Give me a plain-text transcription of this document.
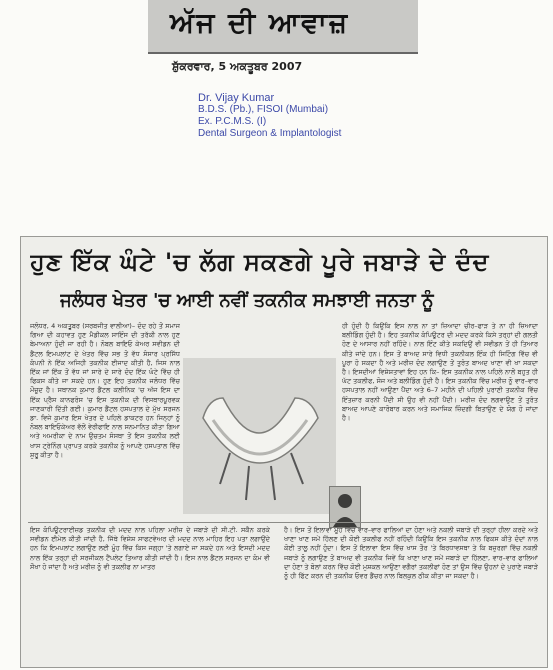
ਅੱਜ ਦੀ ਆਵਾਜ਼
ਸ਼ੁੱਕਰਵਾਰ, 5 ਅਕਤੂਬਰ 2007
Dr. Vijay Kumar
B.D.S. (Pb.), FISOI (Mumbai)
Ex. P.C.M.S. (I)
Dental Surgeon & Implantologist
ਹੁਣ ਇੱਕ ਘੰਟੇ 'ਚ ਲੱਗ ਸਕਣਗੇ ਪੂਰੇ ਜਬਾੜੇ ਦੇ ਦੰਦ
ਜਲੰਧਰ ਖੇਤਰ 'ਚ ਆਈ ਨਵੀਂ ਤਕਨੀਕ ਸਮਝਾਈ ਜਨਤਾ ਨੂੰ

ਜਲੰਧਰ, 4 ਅਕਤੂਬਰ (ਸਰਬਜੀਤ ਵਾਲੀਆ)– ਦੰਦ ਰਹੇ ਤੋਂ ਸਮਾਜ ਗਿਆ ਦੀ ਕਹਾਵਤ ਹੁਣ ਮੈਡੀਕਲ ਸਾਇੰਸ ਦੀ ਤਰੱਕੀ ਨਾਲ ਹੁਣ ਬੇਮਾਅਨਾ ਹੁੰਦੀ ਜਾ ਰਹੀ ਹੈ। ਨੋਬਲ ਬਾਇਓ ਕੇਅਰ ਸਵੀਡਨ ਦੀ ਡੈਂਟਲ ਇਮਪਲਾਂਟ ਦੇ ਖੇਤਰ ਵਿੱਚ ਸਭ ਤੋਂ ਵੱਧ ਸੰਸਾਰ ਪ੍ਰਸਿੱਧ ਕੰਪਨੀ ਨੇ ਇੱਕ ਅਜਿਹੀ ਤਕਨੀਕ ਈਜਾਦ ਕੀਤੀ ਹੈ, ਜਿਸ ਨਾਲ ਇੱਕ ਜਾਂ ਇੱਕ ਤੋਂ ਵੱਧ ਜਾਂ ਸਾਰੇ ਦੇ ਸਾਰੇ ਦੰਦ ਇੱਕ ਘੰਟੇ ਵਿੱਚ ਹੀ ਫਿਕਸ ਕੀਤੇ ਜਾ ਸਕਦੇ ਹਨ। ਹੁਣ ਇਹ ਤਕਨੀਕ ਜਲੰਧਰ ਵਿੱਚ ਮੌਜੂਦ ਹੈ। ਸਥਾਨਕ ਕੁਮਾਰ ਡੈਂਟਲ ਕਲੀਨਿਕ 'ਚ ਅੱਜ ਇਸ ਦਾ ਇੱਕ ਪ੍ਰੈਸ ਕਾਨਫਰੰਸ 'ਚ ਇਸ ਤਕਨੀਕ ਦੀ ਵਿਸਥਾਰਪੂਰਵਕ ਜਾਣਕਾਰੀ ਦਿੱਤੀ ਗਈ। ਕੁਮਾਰ ਡੈਂਟਲ ਹਸਪਤਾਲ ਦੇ ਮੁੱਖ ਸਰਜਨ ਡਾ. ਵਿਜੇ ਕੁਮਾਰ ਇਸ ਖੇਤਰ ਦੇ ਪਹਿਲੇ ਡਾਕਟਰ ਹਨ ਜਿਨ੍ਹਾਂ ਨੂੰ ਨੋਬਲ ਬਾਇਓਕੇਅਰ ਵੱਲੋਂ ਵੇਰੀਫਾਇ ਨਾਲ ਸਨਮਾਨਿਤ ਕੀਤਾ ਗਿਆ ਅਤੇ ਅਮਰੀਕਾ ਦੇ ਨਾਮ ਉਚਤਮ ਸੰਸਥਾ ਤੋਂ ਇਸ ਤਕਨੀਕ ਲਈ ਖਾਸ ਟ੍ਰੇਨਿੰਗ ਪ੍ਰਾਪਤ ਕਰਕੇ ਤਕਨੀਕ ਨੂੰ ਆਪਣੇ ਹਸਪਤਾਲ ਵਿੱਚ ਸ਼ੁਰੂ ਕੀਤਾ ਹੈ।

ਹੀ ਹੁੰਦੀ ਹੈ ਕਿਉਂਕਿ ਇਸ ਨਾਲ ਨਾ ਤਾਂ ਜ਼ਿਆਦਾ ਚੀਰ–ਫਾੜ ਤੇ ਨਾ ਹੀ ਜ਼ਿਆਦਾ ਬਲੀਡਿੰਗ ਹੁੰਦੀ ਹੈ। ਇਹ ਤਕਨੀਕ ਕੰਪਿਊਟਰ ਦੀ ਮਦਦ ਕਰਕੇ ਕਿਸੇ ਤਰ੍ਹਾਂ ਦੀ ਗਲਤੀ ਹੋਣ ਦੇ ਆਸਾਰ ਨਹੀਂ ਰਹਿੰਦੇ। ਨਾਲ ਇੰਟ ਕੀਤੇ ਸਕਦਿਉਂ ਵੀ ਸਵੀਡਨ ਤੋਂ ਹੀ ਤਿਆਰ ਕੀਤੇ ਜਾਂਦੇ ਹਨ। ਇਸ ਤੋਂ ਬਾਅਦ ਸਾਰੇ ਵਿਧੀ ਤਕਨੀਕਲ ਇੰਕ ਹੀ ਸਿਟਿੰਗ ਵਿੱਚ ਵੀ ਪੂਰਾ ਹੋ ਸਕਦਾ ਹੈ ਅਤੇ ਮਰੀਜ਼ ਦੰਦ ਲਗਾਉਣ ਤੋਂ ਤੁਰੰਤ ਬਾਅਦ ਖਾਣਾ ਵੀ ਖਾ ਸਕਦਾ ਹੈ। ਇਸਦੀਆਂ ਵਿਸ਼ੇਸ਼ਤਾਵਾਂ ਇਹ ਹਨ ਕਿ– ਇਸ ਤਕਨੀਕ ਨਾਲ ਪਹਿਲੇ ਨਾਲੋਂ ਬਹੁਤ ਹੀ ਘੱਟ ਤਕਲੀਫ, ਸੋਜ ਅਤੇ ਬਲੀਡਿੰਗ ਹੁੰਦੀ ਹੈ। ਇਸ ਤਕਨੀਕ ਵਿੱਚ ਮਰੀਜ਼ ਨੂੰ ਵਾਰ–ਵਾਰ ਹਸਪਤਾਲ ਨਹੀਂ ਆਉਣਾ ਪੈਂਦਾ ਅਤੇ 6–7 ਮਹੀਨੇ ਦੀ ਪਹਿਲੀ ਪੁਰਾਣੀ ਤਕਨੀਕ ਵਿੱਚ ਇੰਤਜ਼ਾਰ ਕਰਨੀ ਪੈਂਦੀ ਸੀ ਉਹ ਵੀ ਨਹੀਂ ਪੈਂਦੀ। ਮਰੀਜ਼ ਦੰਦ ਲਗਵਾਉਣ ਤੋਂ ਤੁਰੰਤ ਬਾਅਦ ਆਪਣੇ ਕਾਰੋਬਾਰ ਕਰਨ ਅਤੇ ਸਮਾਜਿਕ ਜ਼ਿੰਦਗੀ ਬਿਤਾਉਣ ਦੇ ਯੋਗ ਹੋ ਜਾਂਦਾ ਹੈ।

ਇਸ ਕੰਪਿਊਟਰਾਈਜ਼ਡ ਤਕਨੀਕ ਦੀ ਮਦਦ ਨਾਲ ਪਹਿਲਾ ਮਰੀਜ਼ ਦੇ ਜਬਾੜੇ ਦੀ ਸੀ.ਟੀ. ਸਕੈਨ ਕਰਕੇ ਸਵੀਡਨ ਈਮੇਲ ਕੀਤੀ ਜਾਂਦੀ ਹੈ, ਜਿੱਥੇ ਵਿਸ਼ੇਸ਼ ਸਾਫਟਵੇਅਰ ਦੀ ਮਦਦ ਨਾਲ ਮਾਹਿਰ ਇਹ ਪਤਾ ਲਗਾਉਂਦੇ ਹਨ ਕਿ ਇਮਪਲਾਂਟ ਲਗਾਉਣ ਲਈ ਮੂੰਹ ਵਿੱਚ ਕਿਸ ਜਗ੍ਹਾ 'ਤੇ ਲਗਾਏ ਜਾ ਸਕਦੇ ਹਨ ਅਤੇ ਇਸਦੀ ਮਦਦ ਨਾਲ ਇੱਕ ਤਰ੍ਹਾਂ ਦੀ ਸਰਜੀਕਲ ਟੈਂਪਲੇਟ ਤਿਆਰ ਕੀਤੀ ਜਾਂਦੀ ਹੈ। ਇਸ ਨਾਲ ਡੈਂਟਲ ਸਰਜਨ ਦਾ ਕੰਮ ਵੀ ਸੌਖਾ ਹੋ ਜਾਂਦਾ ਹੈ ਅਤੇ ਮਰੀਜ਼ ਨੂੰ ਵੀ ਤਕਲੀਫ ਨਾ ਮਾਤਰ

ਹੈ। ਇਸ ਤੋਂ ਇਲਾਵਾ ਮੂੰਹ ਵਿੱਚ ਵਾਰ–ਵਾਰ ਫਾਲਿਆਂ ਦਾ ਹੋਣਾ ਅਤੇ ਨਕਲੀ ਜਬਾੜੇ ਦੀ ਤਰ੍ਹਾਂ ਹੀਲਾ ਕਰਦੇ ਅਤੇ ਖਾਣਾ ਖਾਣ ਸਮੇਂ ਹਿੱਲਣ ਦੀ ਕੋਈ ਤਕਲੀਫ ਨਹੀਂ ਰਹਿੰਦੀ ਕਿਉਂਕਿ ਇਸ ਤਕਨੀਕ ਨਾਲ ਫਿਕਸ ਕੀਤੇ ਦੰਦਾਂ ਨਾਲ ਕੋਈ ਤਾਲੂ ਨਹੀਂ ਹੁੰਦਾ। ਇਸ ਤੋਂ ਇਲਾਵਾ ਇਸ ਵਿੱਚ ਖਾਸ ਤੌਰ 'ਤੇ ਬਿਰਧਾਵਸਥਾ ਤੇ ਕਿ ਬਜ਼ੁਰਗਾਂ ਵਿੱਚ ਨਕਲੀ ਜਬਾੜੇ ਨੂੰ ਲਗਾਉਣ ਤੋਂ ਬਾਅਦ ਵੀ ਤਕਨੀਕ ਜਿਵੇਂ ਕਿ ਖਾਣਾ ਖਾਣ ਸਮੇਂ ਜਬਾੜੇ ਦਾ ਹਿੱਲਣਾ, ਵਾਰ–ਵਾਰ ਫਾਲਿਆਂ ਦਾ ਹੋਣਾ ਤੇ ਬੋਲਾਂ ਕਰਨ ਵਿੱਚ ਕੋਈ ਮੁਸ਼ਕਲ ਆਉਣਾ ਵਗੈਰਾਂ ਤਕਲੀਫਾਂ ਹੋਣ ਤਾਂ ਉਸ ਵਿੱਚ ਉਹਨਾਂ ਦੇ ਪੁਰਾਣੇ ਜਬਾੜੇ ਨੂੰ ਹੀ ਫਿੱਟ ਕਰਨ ਦੀ ਤਕਨੀਕ ਓਵਰ ਡੈਂਚਰ ਨਾਲ ਬਿਲਕੁਲ ਠੀਕ ਕੀਤਾ ਜਾ ਸਕਦਾ ਹੈ।
